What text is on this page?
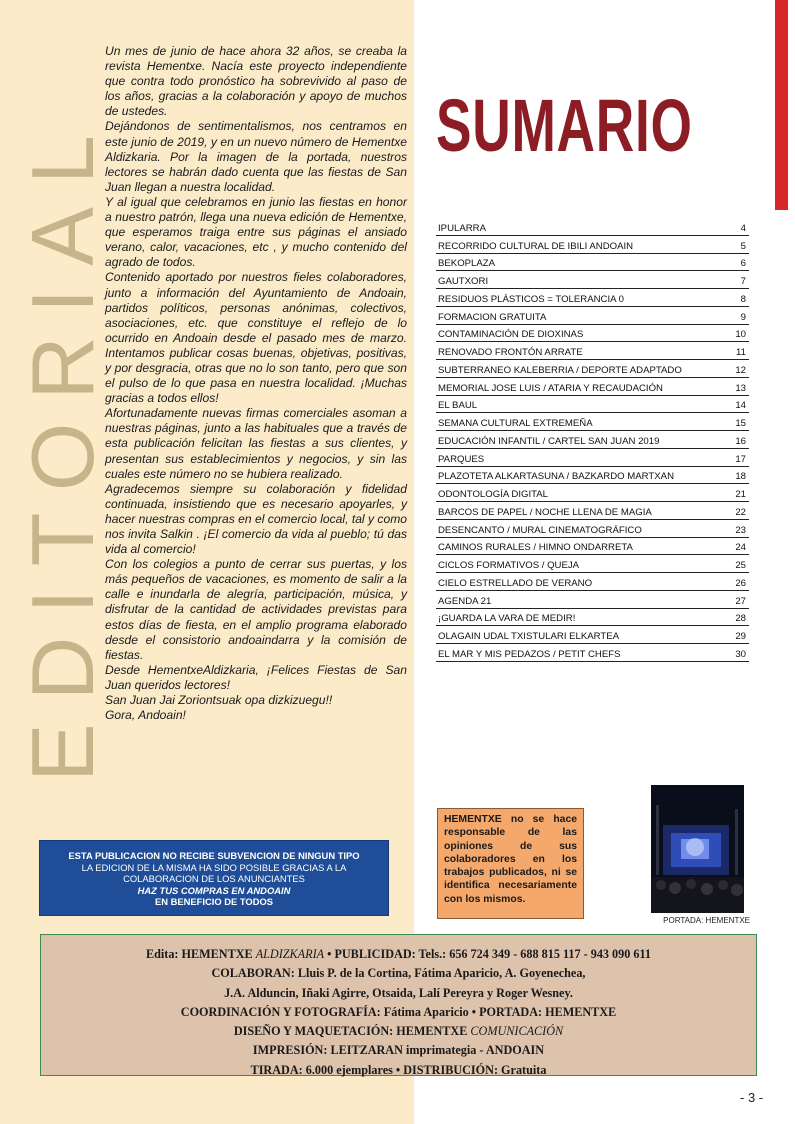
EDITORIAL

Un mes de junio de hace ahora 32 años, se creaba la revista Hementxe. Nacía este proyecto independiente que contra todo pronóstico ha sobrevivido al paso de los años, gracias a la colaboración y apoyo de muchos de ustedes.

Dejándonos de sentimentalismos, nos centramos en este junio de 2019, y en un nuevo número de Hementxe Aldizkaria. Por la imagen de la portada, nuestros lectores se habrán dado cuenta que las fiestas de San Juan llegan a nuestra localidad.

Y al igual que celebramos en junio las fiestas en honor a nuestro patrón, llega una nueva edición de Hementxe, que esperamos traiga entre sus páginas el ansiado verano, calor, vacaciones, etc , y mucho contenido del agrado de todos.

Contenido aportado por nuestros fieles colaboradores, junto a información del Ayuntamiento de Andoain, partidos políticos, personas anónimas, colectivos, asociaciones, etc. que constituye el reflejo de lo ocurrido en Andoain desde el pasado mes de marzo. Intentamos publicar cosas buenas, objetivas, positivas, y por desgracia, otras que no lo son tanto, pero que son el pulso de lo que pasa en nuestra localidad. ¡Muchas gracias a todos ellos!

Afortunadamente nuevas firmas comerciales asoman a nuestras páginas, junto a las habituales que a través de esta publicación felicitan las fiestas a sus clientes, y presentan sus establecimientos y negocios, y sin las cuales este número no se hubiera realizado.

Agradecemos siempre su colaboración y fidelidad continuada, insistiendo que es necesario apoyarles, y hacer nuestras compras en el comercio local, tal y como nos invita Salkin . ¡El comercio da vida al pueblo; tú das vida al comercio!

Con los colegios a punto de cerrar sus puertas, y los más pequeños de vacaciones, es momento de salir a la calle e inundarla de alegría, participación, música, y disfrutar de la cantidad de actividades previstas para estos días de fiesta, en el amplio programa elaborado desde el consistorio andoaindarra y la comisión de fiestas.

Desde HementxeAldizkaria, ¡Felices Fiestas de San Juan queridos lectores!

San Juan Jai Zoriontsuak opa dizkizuegu!!

Gora, Andoain!

SUMARIO
IPULARRA	4
RECORRIDO CULTURAL DE IBILI ANDOAIN	5
BEKOPLAZA	6
GAUTXORI	7
RESIDUOS PLÁSTICOS = TOLERANCIA 0	8
FORMACION GRATUITA	9
CONTAMINACIÓN DE DIOXINAS	10
RENOVADO FRONTÓN ARRATE	11
SUBTERRANEO KALEBERRIA / DEPORTE ADAPTADO	12
MEMORIAL JOSE LUIS / ATARIA Y RECAUDACIÓN	13
EL BAUL	14
SEMANA CULTURAL EXTREMEÑA	15
EDUCACIÓN INFANTIL / CARTEL SAN JUAN 2019	16
PARQUES	17
PLAZOTETA ALKARTASUNA / BAZKARDO MARTXAN	18
ODONTOLOGÍA DIGITAL	21
BARCOS DE PAPEL / NOCHE LLENA DE MAGIA	22
DESENCANTO / MURAL CINEMATOGRÁFICO	23
CAMINOS RURALES / HIMNO ONDARRETA	24
CICLOS FORMATIVOS / QUEJA	25
CIELO ESTRELLADO DE VERANO	26
AGENDA 21	27
¡GUARDA LA VARA DE MEDIR!	28
OLAGAIN UDAL TXISTULARI ELKARTEA	29
EL MAR Y MIS PEDAZOS / PETIT CHEFS	30
ESTA PUBLICACION NO RECIBE SUBVENCION DE NINGUN TIPO
LA EDICION DE LA MISMA HA SIDO POSIBLE GRACIAS A LA
COLABORACION DE LOS ANUNCIANTES
HAZ TUS COMPRAS EN ANDOAIN
EN BENEFICIO DE TODOS
HEMENTXE no se hace responsable de las opiniones de sus colaboradores en los trabajos publicados, ni se identifica necesariamente con los mismos.
PORTADA: HEMENTXE
Edita: HEMENTXE ALDIZKARIA • PUBLICIDAD: Tels.: 656 724 349 - 688 815 117 - 943 090 611
COLABORAN: Lluis P. de la Cortina, Fátima Aparicio, A. Goyenechea,
J.A. Alduncin, Iñaki Agirre, Otsaida, Lalí Pereyra y Roger Wesney.
COORDINACIÓN Y FOTOGRAFÍA: Fátima Aparicio • PORTADA: HEMENTXE
DISEÑO Y MAQUETACIÓN: HEMENTXE COMUNICACIÓN
IMPRESIÓN: LEITZARAN imprimategia - ANDOAIN
TIRADA: 6.000 ejemplares • DISTRIBUCIÓN: Gratuita
- 3 -
